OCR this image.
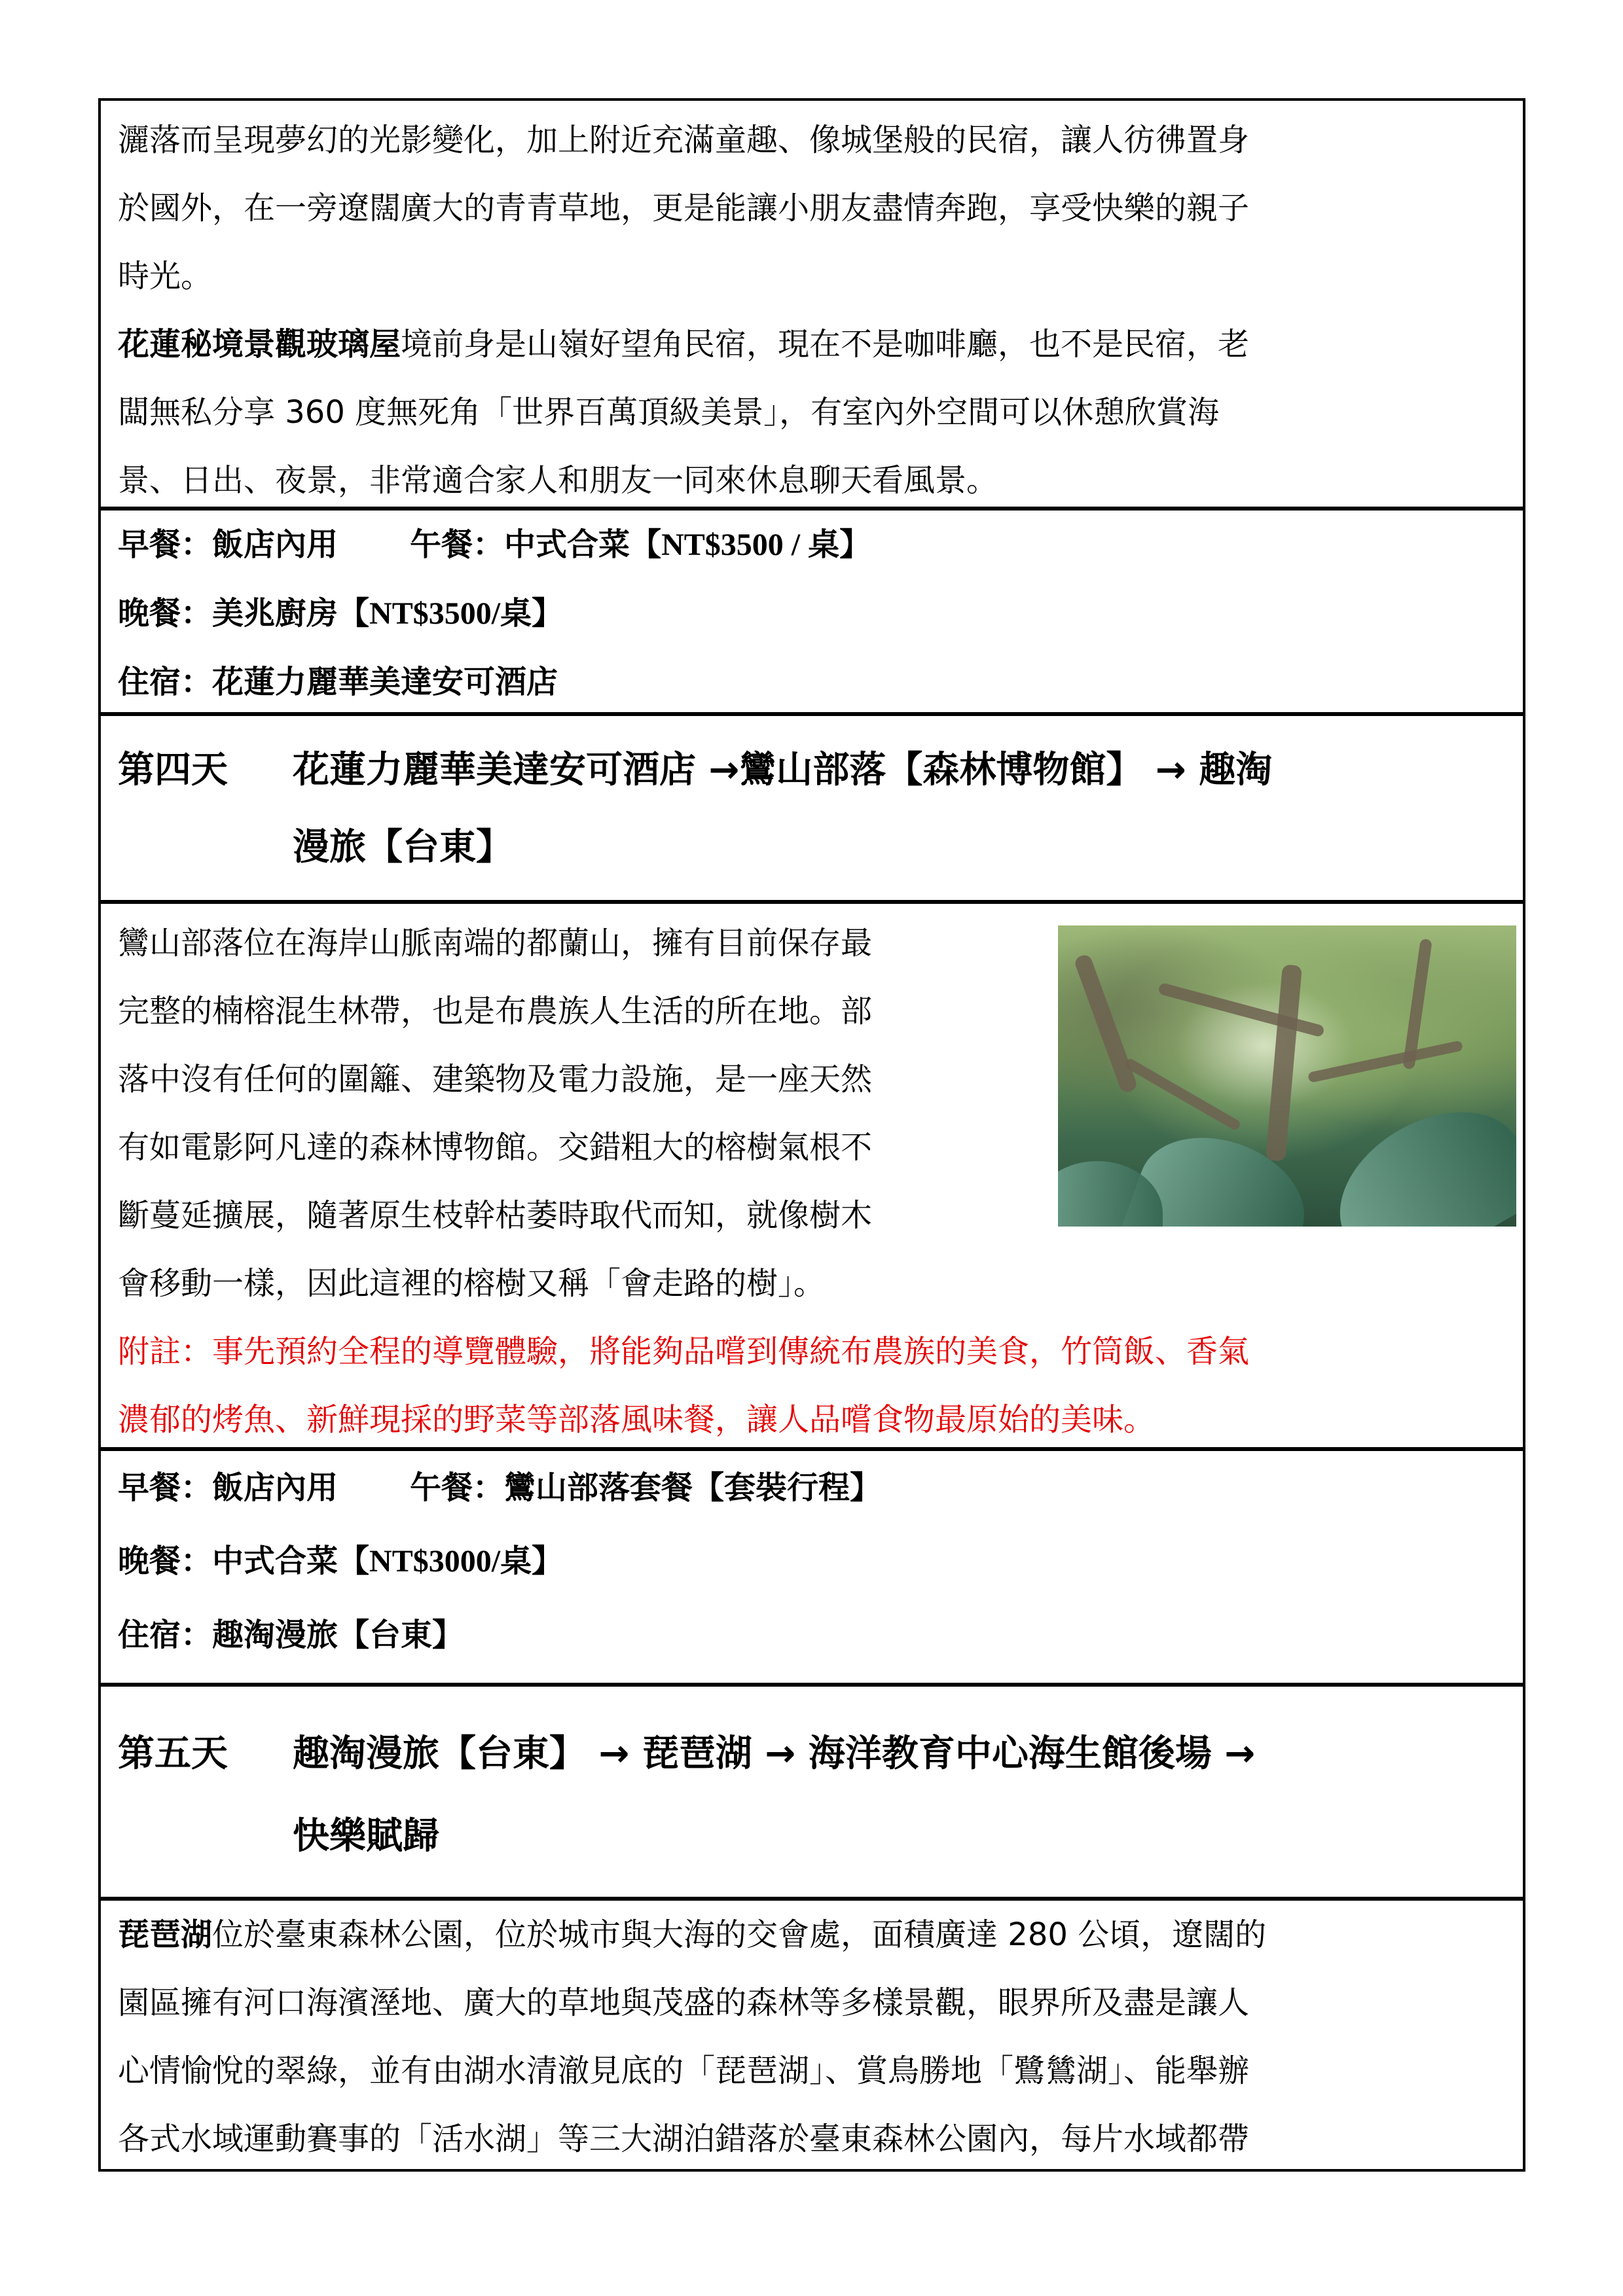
灑落而呈現夢幻的光影變化，加上附近充滿童趣、像城堡般的民宿，讓人彷彿置身
於國外，在一旁遼闊廣大的青青草地，更是能讓小朋友盡情奔跑，享受快樂的親子
時光。
花蓮秘境景觀玻璃屋境前身是山嶺好望角民宿，現在不是咖啡廳，也不是民宿，老
闆無私分享 360 度無死角「世界百萬頂級美景」，有室內外空間可以休憩欣賞海
景、日出、夜景，非常適合家人和朋友一同來休息聊天看風景。
早餐：飯店內用 午餐：中式合菜【NT$3500 / 桌】
晚餐：美兆廚房【NT$3500/桌】
住宿：花蓮力麗華美達安可酒店
第四天 花蓮力麗華美達安可酒店 →鸞山部落【森林博物館】 → 趣淘
漫旅【台東】
鸞山部落位在海岸山脈南端的都蘭山，擁有目前保存最
完整的楠榕混生林帶，也是布農族人生活的所在地。部
落中沒有任何的圍籬、建築物及電力設施，是一座天然
有如電影阿凡達的森林博物館。交錯粗大的榕樹氣根不
斷蔓延擴展，隨著原生枝幹枯萎時取代而知，就像樹木
會移動一樣，因此這裡的榕樹又稱「會走路的樹」。
附註：事先預約全程的導覽體驗，將能夠品嚐到傳統布農族的美食，竹筒飯、香氣
濃郁的烤魚、新鮮現採的野菜等部落風味餐，讓人品嚐食物最原始的美味。
早餐：飯店內用 午餐：鸞山部落套餐【套裝行程】
晚餐：中式合菜【NT$3000/桌】
住宿：趣淘漫旅【台東】
第五天 趣淘漫旅【台東】 → 琵琶湖 → 海洋教育中心海生館後場 →
快樂賦歸
琵琶湖位於臺東森林公園，位於城市與大海的交會處，面積廣達 280 公頃，遼闊的
園區擁有河口海濱溼地、廣大的草地與茂盛的森林等多樣景觀，眼界所及盡是讓人
心情愉悅的翠綠，並有由湖水清澈見底的「琵琶湖」、賞鳥勝地「鷺鷥湖」、能舉辦
各式水域運動賽事的「活水湖」等三大湖泊錯落於臺東森林公園內，每片水域都帶
